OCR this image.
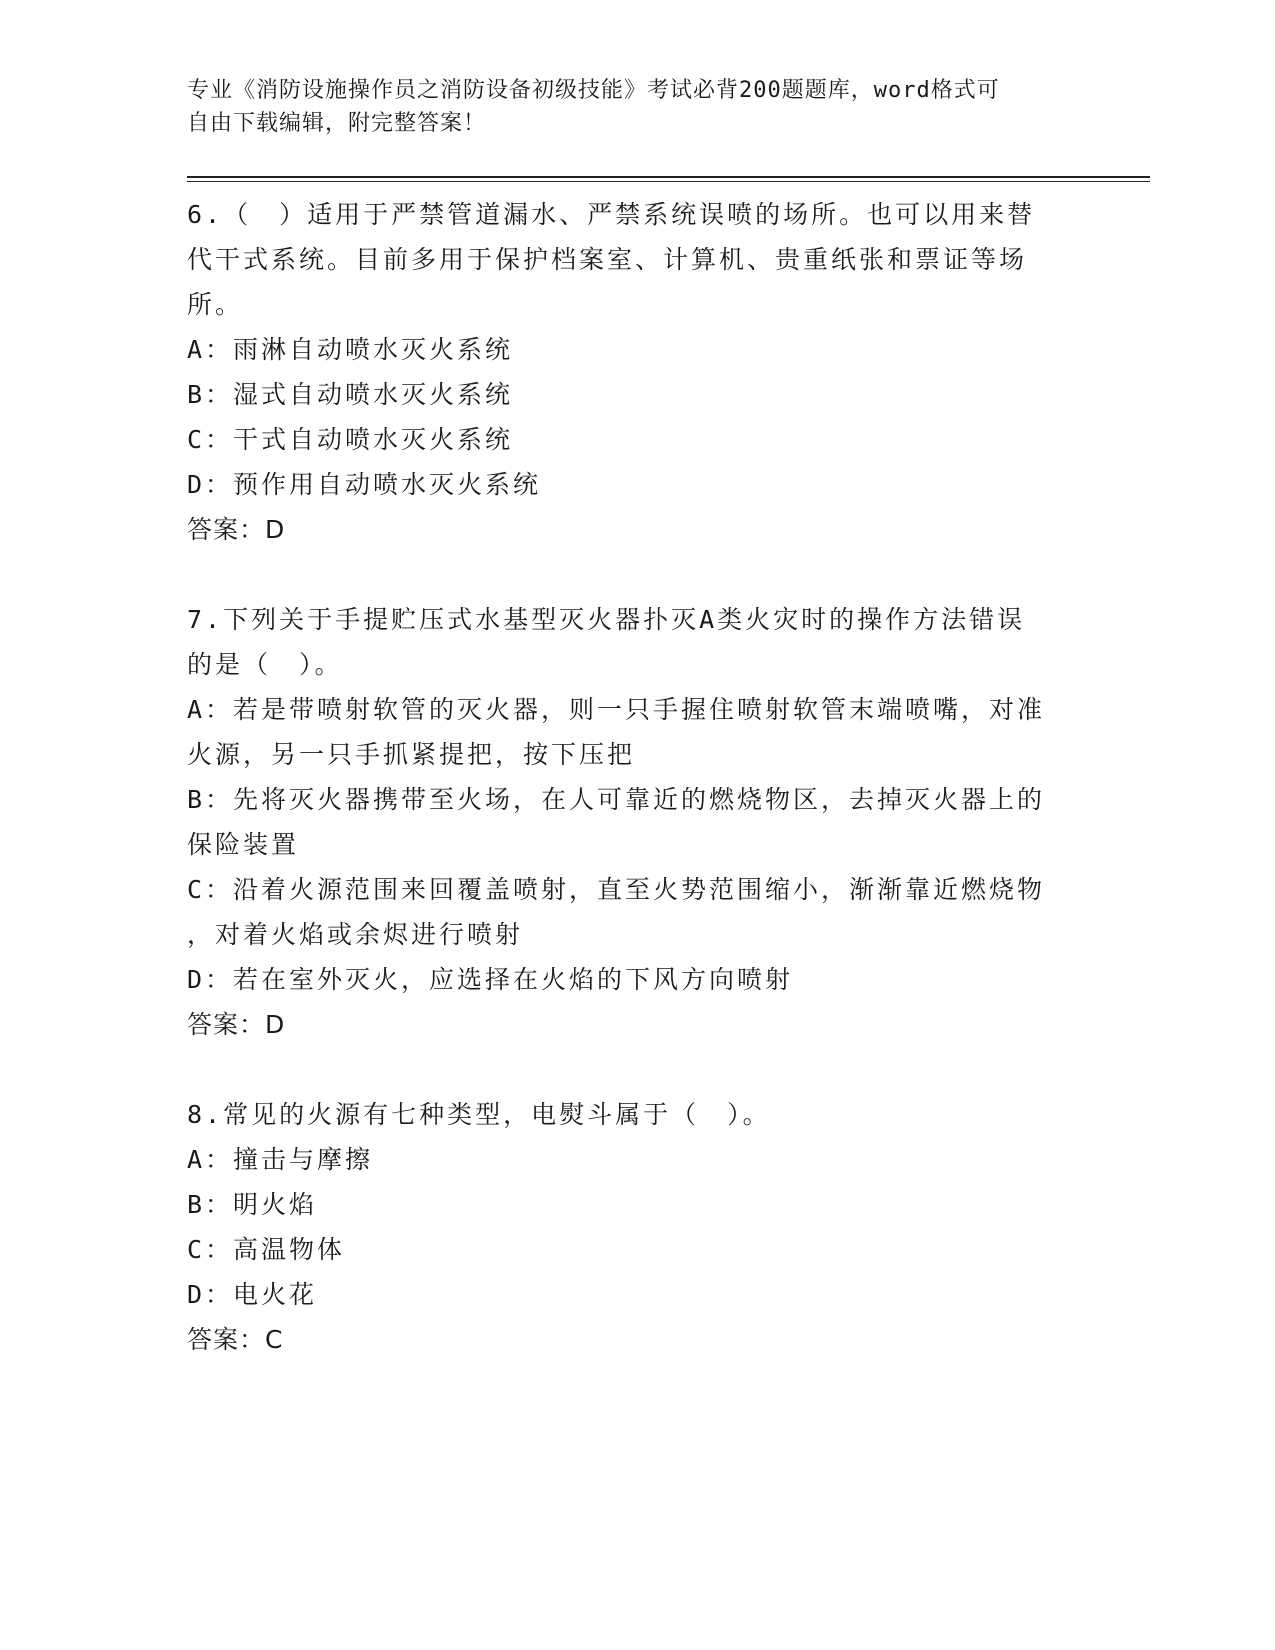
专业《消防设施操作员之消防设备初级技能》考试必背200题题库，word格式可
自由下载编辑，附完整答案！
6.（　）适用于严禁管道漏水、严禁系统误喷的场所。也可以用来替
代干式系统。目前多用于保护档案室、计算机、贵重纸张和票证等场
所。
A：雨淋自动喷水灭火系统
B：湿式自动喷水灭火系统
C：干式自动喷水灭火系统
D：预作用自动喷水灭火系统
答案：D
7.下列关于手提贮压式水基型灭火器扑灭A类火灾时的操作方法错误
的是（　）。
A：若是带喷射软管的灭火器，则一只手握住喷射软管末端喷嘴，对准
火源，另一只手抓紧提把，按下压把
B：先将灭火器携带至火场，在人可靠近的燃烧物区，去掉灭火器上的
保险装置
C：沿着火源范围来回覆盖喷射，直至火势范围缩小，渐渐靠近燃烧物
，对着火焰或余烬进行喷射
D：若在室外灭火，应选择在火焰的下风方向喷射
答案：D
8.常见的火源有七种类型，电熨斗属于（　）。
A：撞击与摩擦
B：明火焰
C：高温物体
D：电火花
答案：C
